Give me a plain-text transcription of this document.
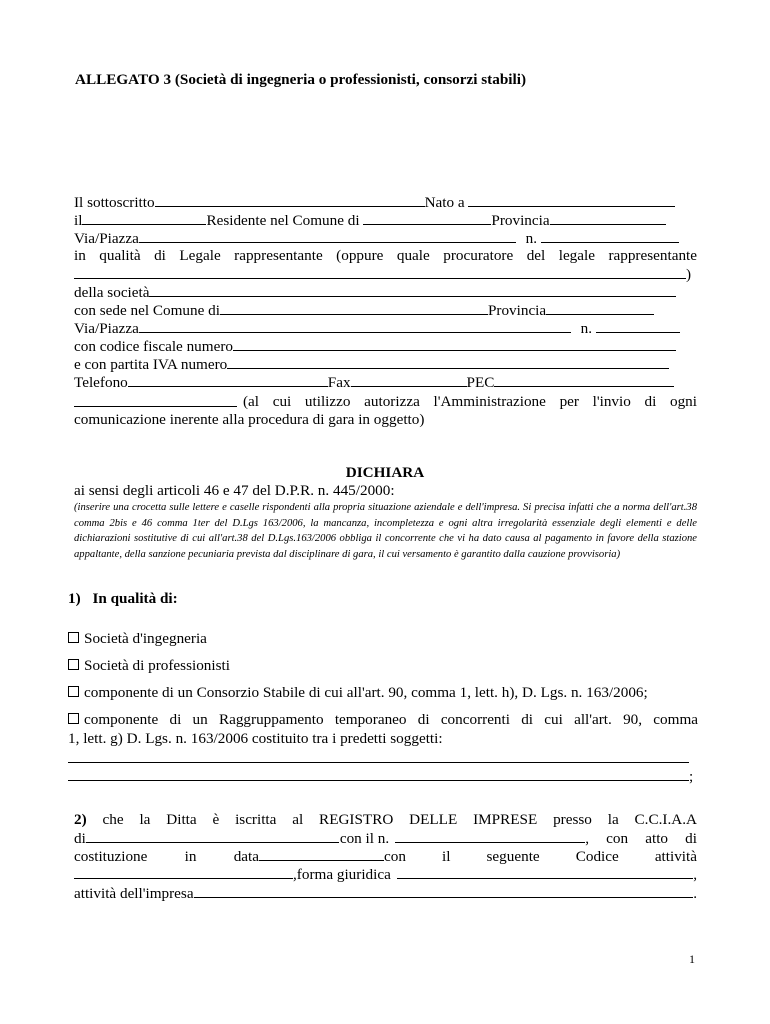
ALLEGATO 3 (Società di ingegneria o professionisti, consorzi stabili)
Il sottoscritto	Nato a
il	Residente nel Comune di	Provincia
Via/Piazza	n.
in qualità di Legale rappresentante (oppure quale procuratore del legale rappresentante
)
della società
con sede nel Comune di	Provincia
Via/Piazza	n.
con codice fiscale numero
e con partita IVA numero
Telefono	Fax	PEC
(al cui utilizzo autorizza l'Amministrazione per l'invio di ogni
comunicazione inerente alla procedura di gara in oggetto)
DICHIARA
ai sensi degli articoli 46 e 47 del D.P.R. n. 445/2000:
(inserire una crocetta sulle lettere e caselle rispondenti alla propria situazione aziendale e dell'impresa. Si precisa infatti che a norma dell'art.38 comma 2bis e 46 comma 1ter del D.Lgs 163/2006, la mancanza, incompletezza e ogni altra irregolarità essenziale degli elementi e delle dichiarazioni sostitutive di cui all'art.38 del D.Lgs.163/2006 obbliga il concorrente che vi ha dato causa al pagamento in favore della stazione appaltante, della sanzione pecuniaria prevista dal disciplinare di gara, il cui versamento è garantito dalla cauzione provvisoria)
1) In qualità di:
Società d'ingegneria
Società di professionisti
componente di un Consorzio Stabile di cui all'art. 90, comma 1, lett. h), D. Lgs. n. 163/2006;
componente di un Raggruppamento temporaneo di concorrenti di cui all'art. 90, comma
1, lett. g) D. Lgs. n. 163/2006 costituito tra i predetti soggetti:
;
2) che la Ditta è iscritta al REGISTRO DELLE IMPRESE presso la C.C.I.A.A
di	con il n.	, con atto di
costituzione in data	con il seguente Codice attività
,forma giuridica	,
attività dell'impresa	.
1
